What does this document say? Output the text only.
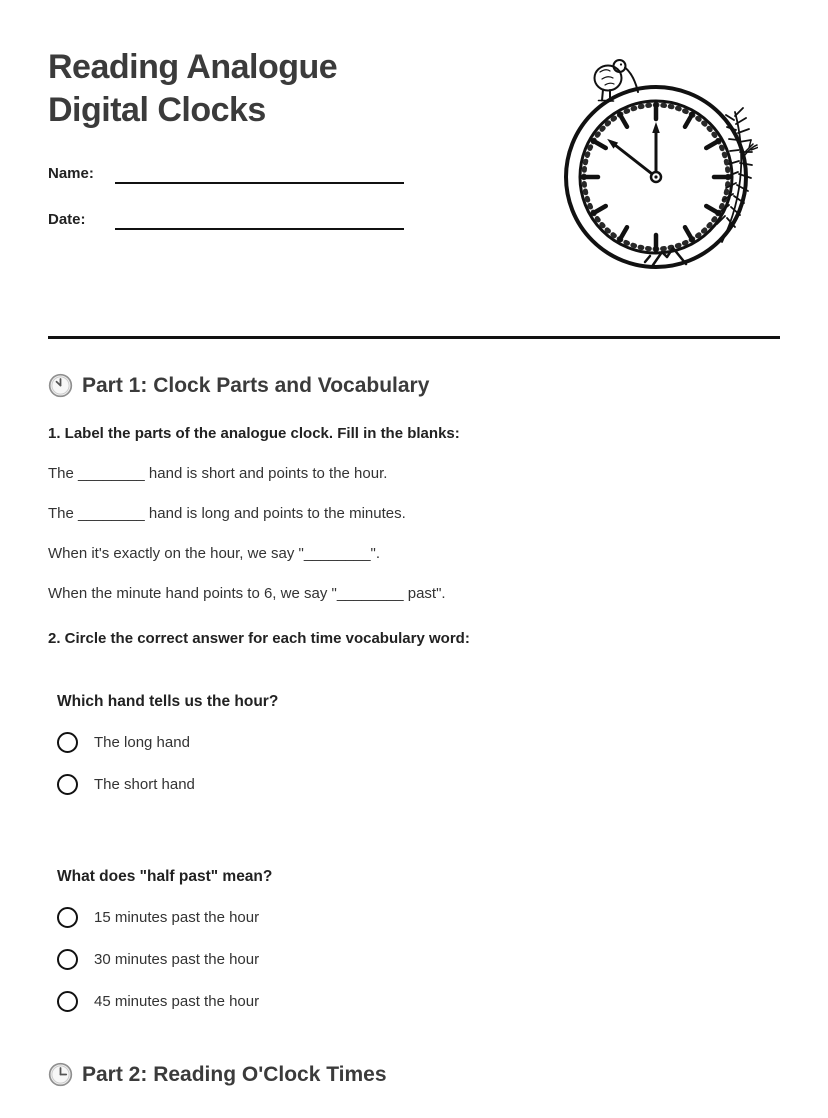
Reading Analogue Digital Clocks
Name:
Date:
Part 1: Clock Parts and Vocabulary
1. Label the parts of the analogue clock. Fill in the blanks:

The ________ hand is short and points to the hour.

The ________ hand is long and points to the minutes.

When it's exactly on the hour, we say "________".

When the minute hand points to 6, we say "________ past".

2. Circle the correct answer for each time vocabulary word:
Which hand tells us the hour?
The long hand
The short hand
What does "half past" mean?
15 minutes past the hour
30 minutes past the hour
45 minutes past the hour
Part 2: Reading O'Clock Times
